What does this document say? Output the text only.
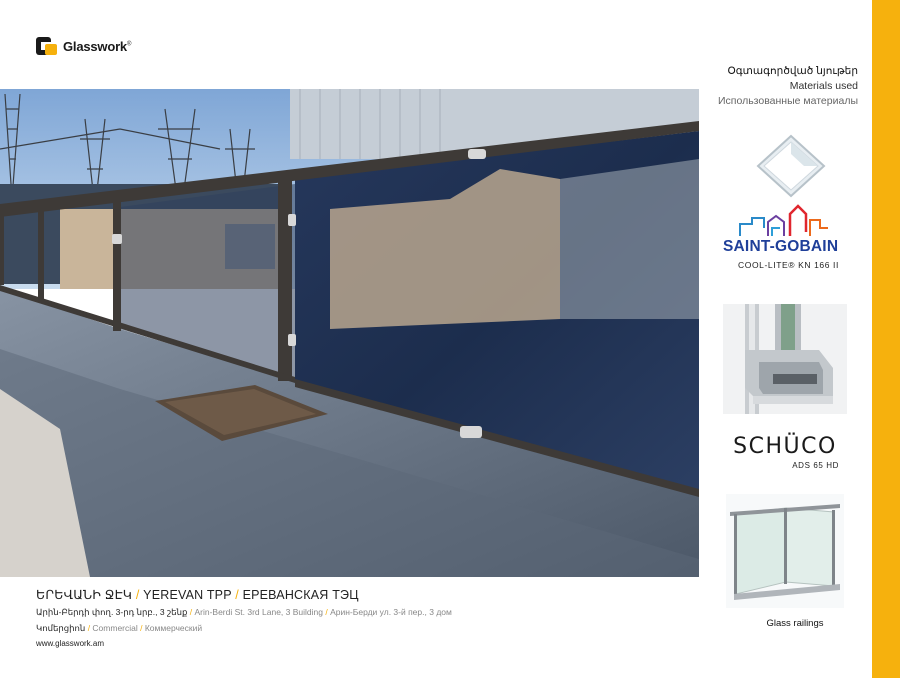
Glasswork®
Օգտագործված նյութեր
Materials used
Использованные материалы
SAINT-GOBAIN
COOL-LITE® KN 166 II
SCHÜCO
ADS 65 HD
Glass railings
ԵՐԵՎԱՆԻ ՋԷԿ / YEREVAN TPP / ЕРЕВАНСКАЯ ТЭЦ
Արին-Բերդի փող. 3-րդ նրբ., 3 շենք / Arin-Berdi St. 3rd Lane, 3 Building / Арин-Берди ул. 3-й пер., 3 дом
Կոմերցիոն / Commercial / Коммерческий
www.glasswork.am
